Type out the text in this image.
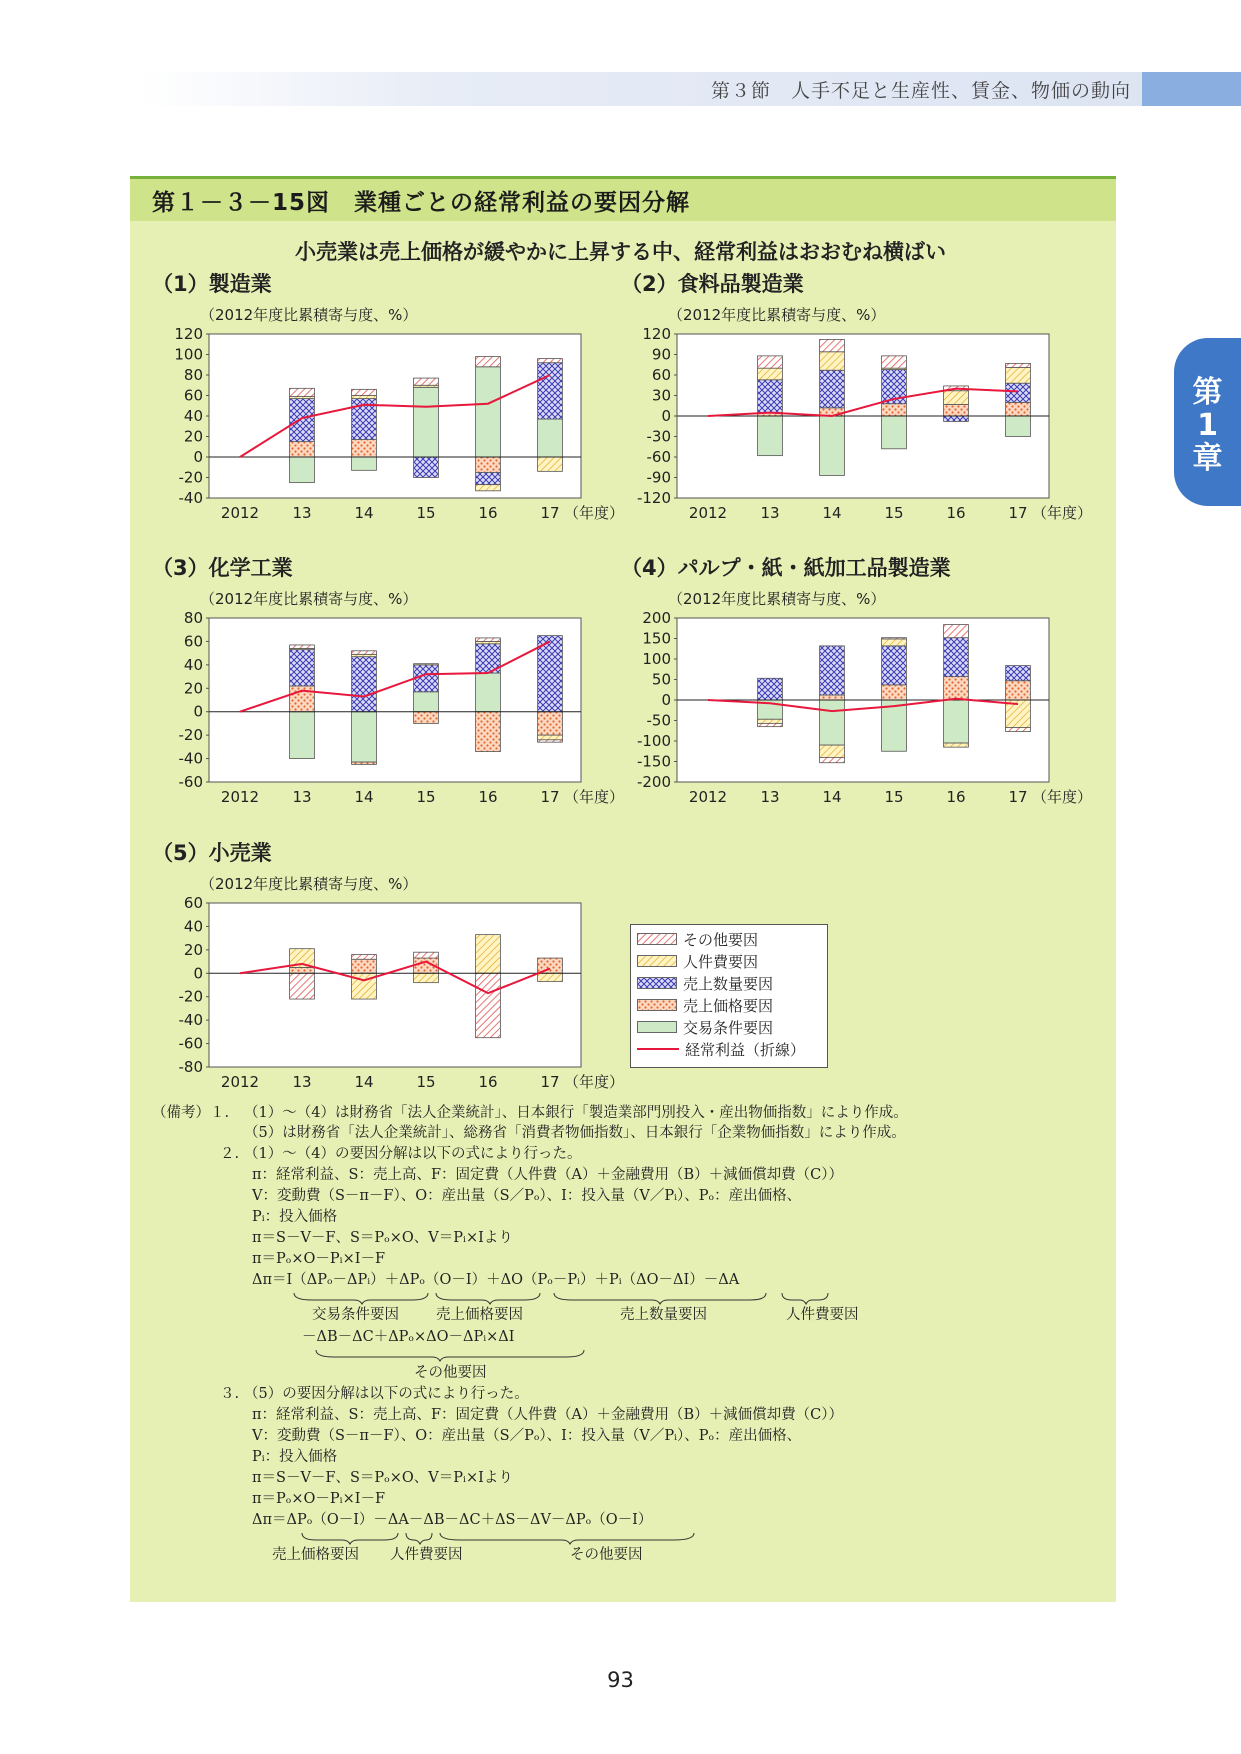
第３節　人手不足と生産性、賃金、物価の動向
第
1
章
第１－３－15図　業種ごとの経常利益の要因分解
小売業は売上価格が緩やかに上昇する中、経常利益はおおむね横ばい
（1）製造業	（2）食料品製造業
（3）化学工業	（4）パルプ・紙・紙加工品製造業
（5）小売業
（2012年度比累積寄与度、%）	（2012年度比累積寄与度、%）
（2012年度比累積寄与度、%）	（2012年度比累積寄与度、%）
（2012年度比累積寄与度、%）
-40
-20
0
20
40
60
80
100
120
2012 13	14	15	16	17 （年度）
-120
-90
-60
-30
0
30
60
90
120
2012 13	14	15	16	17 （年度）
-60
-40
-20
0
20
40
60
80
2012 13	14	15	16	17 （年度）
-200
-150
-100
-50
0
50
100
150
200
2012 13	14	15	16	17 （年度）
-80
-60
-40
-20
0
20
40
60
2012 13	14	15	16	17 （年度）
その他要因
人件費要因
売上数量要因
売上価格要因
交易条件要因
経常利益（折線）
（備考）１. （1）～（4）は財務省「法人企業統計」、日本銀行「製造業部門別投入・産出物価指数」により作成。
（5）は財務省「法人企業統計」、総務省「消費者物価指数」、日本銀行「企業物価指数」により作成。
２. （1）～（4）の要因分解は以下の式により行った。
π：経常利益、S：売上高、F：固定費（人件費（A）＋金融費用（B）＋減価償却費（C））
V：変動費（S－π－F）、O：産出量（S／Pₒ）、I：投入量（V／Pᵢ）、Pₒ：産出価格、
Pᵢ：投入価格
π＝S－V－F、S＝Pₒ×O、V＝Pᵢ×Iより
π＝Pₒ×O－Pᵢ×I－F
Δπ＝I（ΔPₒ－ΔPᵢ）＋ΔPₒ（O－I）＋ΔO（Pₒ－Pᵢ）＋Pᵢ（ΔO－ΔI）－ΔA
交易条件要因	売上価格要因	売上数量要因	人件費要因
－ΔB－ΔC＋ΔPₒ×ΔO－ΔPᵢ×ΔI
その他要因
３. （5）の要因分解は以下の式により行った。
π：経常利益、S：売上高、F：固定費（人件費（A）＋金融費用（B）＋減価償却費（C））
V：変動費（S－π－F）、O：産出量（S／Pₒ）、I：投入量（V／Pᵢ）、Pₒ：産出価格、
Pᵢ：投入価格
π＝S－V－F、S＝Pₒ×O、V＝Pᵢ×Iより
π＝Pₒ×O－Pᵢ×I－F
Δπ＝ΔPₒ（O－I）－ΔA－ΔB－ΔC＋ΔS－ΔV－ΔPₒ（O－I）
売上価格要因 人件費要因	その他要因
93
